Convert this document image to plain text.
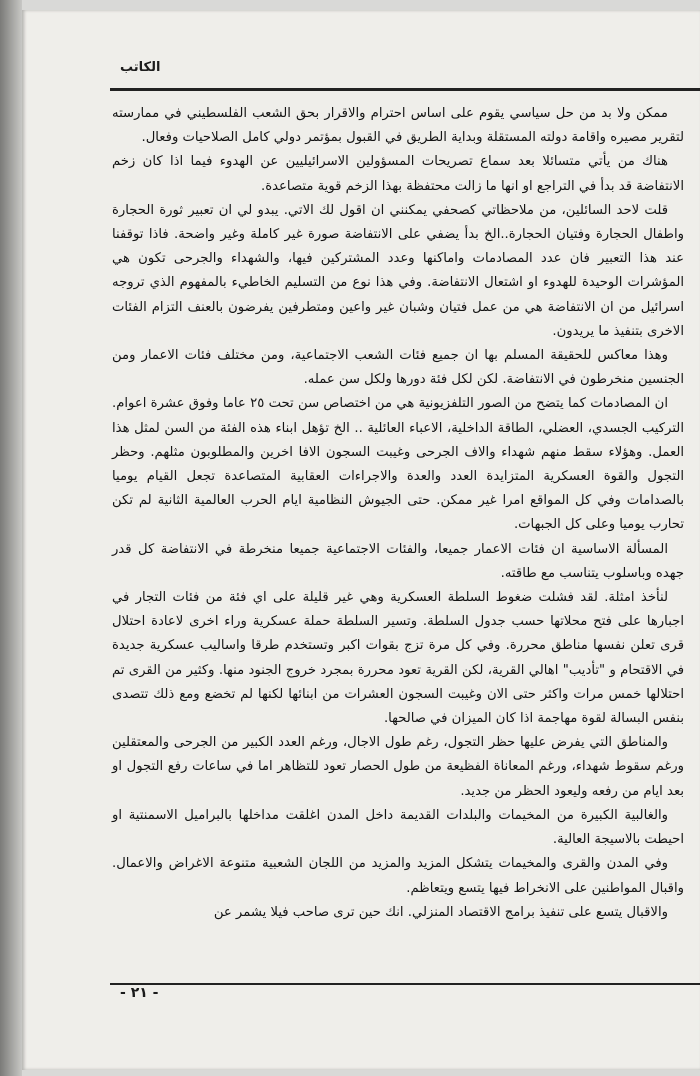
الكاتب

ممكن ولا بد من حل سياسي يقوم على اساس احترام والاقرار بحق الشعب الفلسطيني في ممارسته لتقرير مصيره واقامة دولته المستقلة وبداية الطريق في القبول بمؤتمر دولي كامل الصلاحيات وفعال.

هناك من يأتي متسائلا بعد سماع تصريحات المسؤولين الاسرائيليين عن الهدوء فيما اذا كان زخم الانتفاضة قد بدأ في التراجع او انها ما زالت محتفظة بهذا الزخم قوية متصاعدة.

قلت لاحد السائلين، من ملاحظاتي كصحفي يمكنني ان اقول لك الاتي. يبدو لي ان تعبير ثورة الحجارة واطفال الحجارة وفتيان الحجارة..الخ بدأ يضفي على الانتفاضة صورة غير كاملة وغير واضحة. فاذا توقفنا عند هذا التعبير فان عدد المصادمات واماكنها وعدد المشتركين فيها، والشهداء والجرحى تكون هي المؤشرات الوحيدة للهدوء او اشتعال الانتفاضة. وفي هذا نوع من التسليم الخاطيء بالمفهوم الذي تروجه اسرائيل من ان الانتفاضة هي من عمل فتيان وشبان غير واعين ومتطرفين يفرضون بالعنف التزام الفئات الاخرى بتنفيذ ما يريدون.

وهذا معاكس للحقيقة المسلم بها ان جميع فئات الشعب الاجتماعية، ومن مختلف فئات الاعمار ومن الجنسين منخرطون في الانتفاضة. لكن لكل فئة دورها ولكل سن عمله.

ان المصادمات كما يتضح من الصور التلفزيونية هي من اختصاص سن تحت ٢٥ عاما وفوق عشرة اعوام. التركيب الجسدي، العضلي، الطاقة الداخلية، الاعباء العائلية .. الخ تؤهل ابناء هذه الفئة من السن لمثل هذا العمل. وهؤلاء سقط منهم شهداء والاف الجرحى وغيبت السجون الافا اخرين والمطلوبون مثلهم. وحظر التجول والقوة العسكرية المتزايدة العدد والعدة والاجراءات العقابية المتصاعدة تجعل القيام يوميا بالصدامات وفي كل المواقع امرا غير ممكن. حتى الجيوش النظامية ايام الحرب العالمية الثانية لم تكن تحارب يوميا وعلى كل الجبهات.

المسألة الاساسية ان فئات الاعمار جميعا، والفئات الاجتماعية جميعا منخرطة في الانتفاضة كل قدر جهده وباسلوب يتناسب مع طاقته.

لنأخذ امثلة. لقد فشلت ضغوط السلطة العسكرية وهي غير قليلة على اي فئة من فئات التجار في اجبارها على فتح محلاتها حسب جدول السلطة. وتسير السلطة حملة عسكرية وراء اخرى لاعادة احتلال قرى تعلن نفسها مناطق محررة. وفي كل مرة تزج بقوات اكبر وتستخدم طرقا واساليب عسكرية جديدة في الاقتحام و "تأديب" اهالي القرية، لكن القرية تعود محررة بمجرد خروج الجنود منها. وكثير من القرى تم احتلالها خمس مرات واكثر حتى الان وغيبت السجون العشرات من ابنائها لكنها لم تخضع ومع ذلك تتصدى بنفس البسالة لقوة مهاجمة اذا كان الميزان في صالحها.

والمناطق التي يفرض عليها حظر التجول، رغم طول الاجال، ورغم العدد الكبير من الجرحى والمعتقلين ورغم سقوط شهداء، ورغم المعاناة الفظيعة من طول الحصار تعود للتظاهر اما في ساعات رفع التجول او بعد ايام من رفعه وليعود الحظر من جديد.

والغالبية الكبيرة من المخيمات والبلدات القديمة داخل المدن اغلقت مداخلها بالبراميل الاسمنتية او احيطت بالاسيجة العالية.

وفي المدن والقرى والمخيمات يتشكل المزيد والمزيد من اللجان الشعبية متنوعة الاغراض والاعمال. واقبال المواطنين على الانخراط فيها يتسع ويتعاظم.

والاقبال يتسع على تنفيذ برامج الاقتصاد المنزلي. انك حين ترى صاحب فيلا يشمر عن

- ٢١ -
